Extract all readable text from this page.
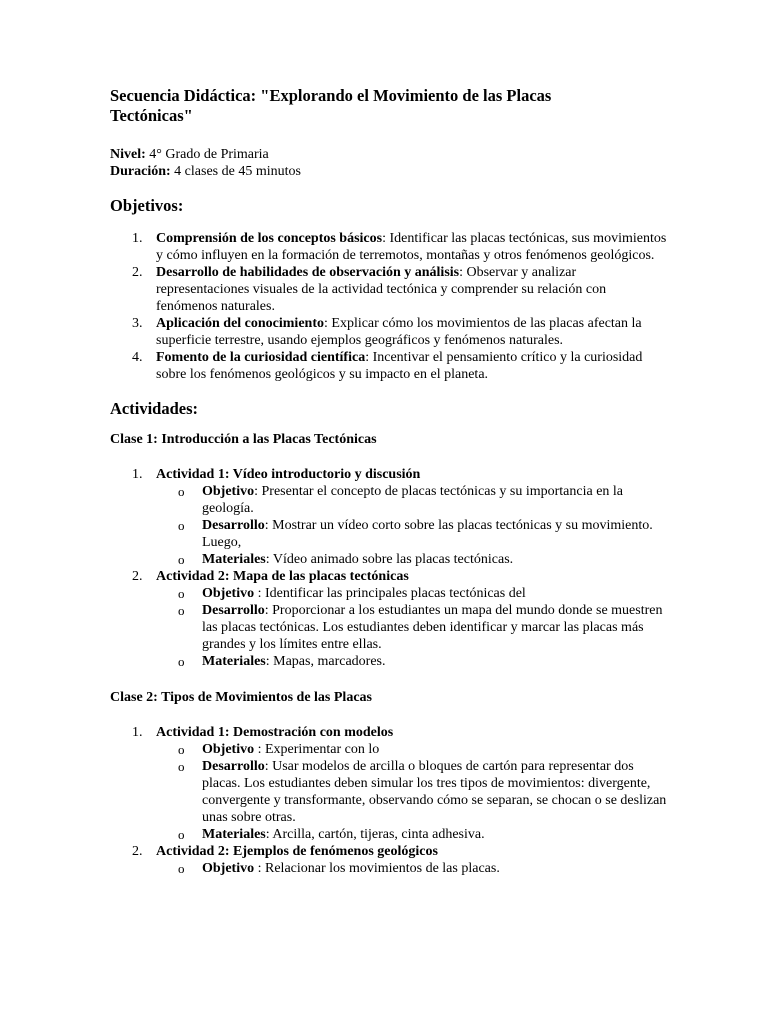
Secuencia Didáctica: "Explorando el Movimiento de las Placas Tectónicas"

Nivel: 4° Grado de Primaria

Duración: 4 clases de 45 minutos

Objetivos:
1. Comprensión de los conceptos básicos: Identificar las placas tectónicas, sus movimientos y cómo influyen en la formación de terremotos, montañas y otros fenómenos geológicos.
2. Desarrollo de habilidades de observación y análisis: Observar y analizar representaciones visuales de la actividad tectónica y comprender su relación con fenómenos naturales.
3. Aplicación del conocimiento: Explicar cómo los movimientos de las placas afectan la superficie terrestre, usando ejemplos geográficos y fenómenos naturales.
4. Fomento de la curiosidad científica: Incentivar el pensamiento crítico y la curiosidad sobre los fenómenos geológicos y su impacto en el planeta.
Actividades:

Clase 1: Introducción a las Placas Tectónicas

1. Actividad 1: Vídeo introductorio y discusión
o Objetivo: Presentar el concepto de placas tectónicas y su importancia en la geología.
o Desarrollo: Mostrar un vídeo corto sobre las placas tectónicas y su movimiento. Luego,
o Materiales: Vídeo animado sobre las placas tectónicas.
2. Actividad 2: Mapa de las placas tectónicas
o Objetivo : Identificar las principales placas tectónicas del
o Desarrollo: Proporcionar a los estudiantes un mapa del mundo donde se muestren las placas tectónicas. Los estudiantes deben identificar y marcar las placas más grandes y los límites entre ellas.
o Materiales: Mapas, marcadores.

Clase 2: Tipos de Movimientos de las Placas

1. Actividad 1: Demostración con modelos
o Objetivo : Experimentar con lo
o Desarrollo: Usar modelos de arcilla o bloques de cartón para representar dos placas. Los estudiantes deben simular los tres tipos de movimientos: divergente, convergente y transformante, observando cómo se separan, se chocan o se deslizan unas sobre otras.
o Materiales: Arcilla, cartón, tijeras, cinta adhesiva.
2. Actividad 2: Ejemplos de fenómenos geológicos
o Objetivo : Relacionar los movimientos de las placas.
